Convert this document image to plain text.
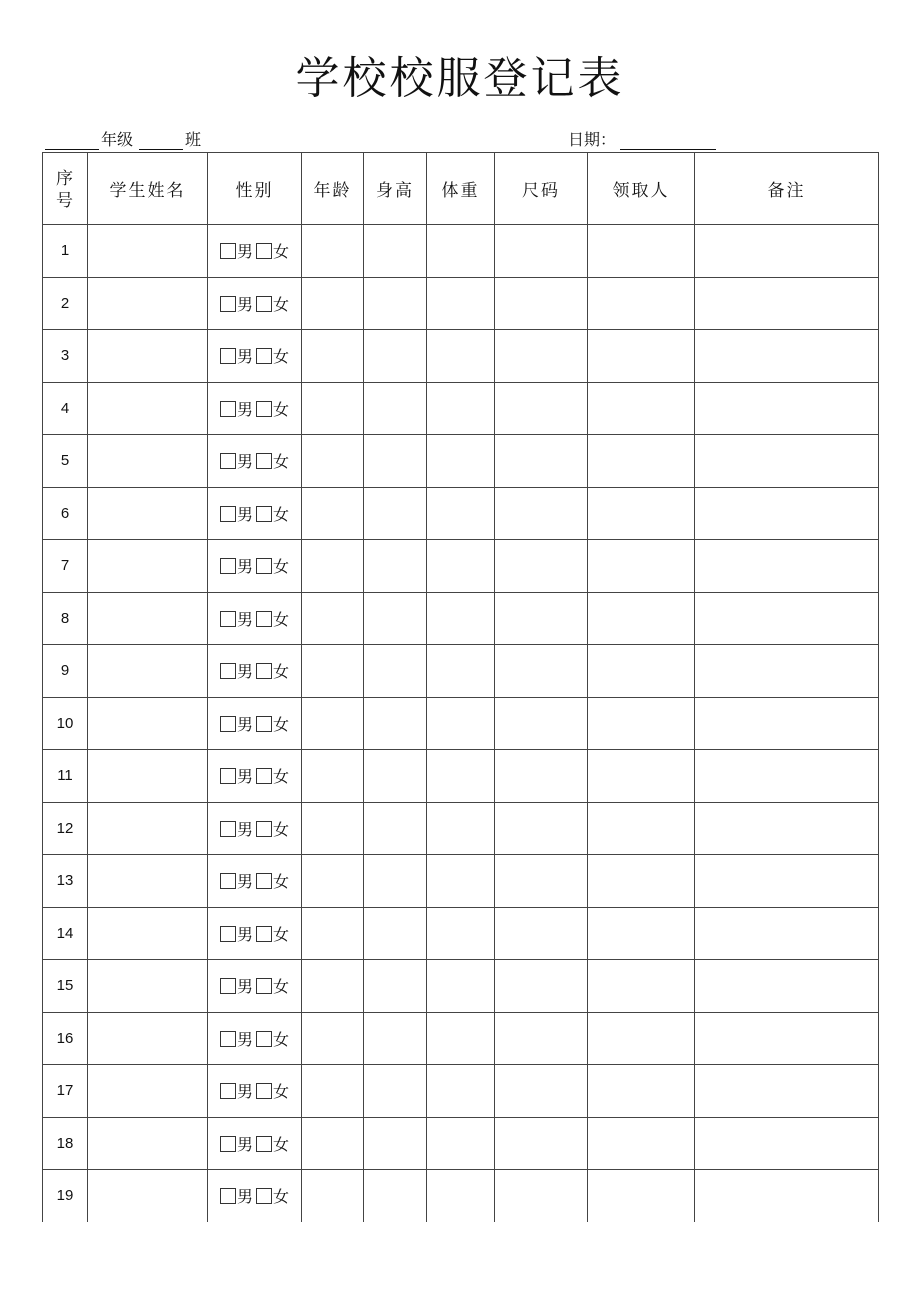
学校校服登记表
年级	班	日期：
序号	学生姓名	性别	年龄	身高	体重	尺码	领取人	备注
1		男 女						
2		男 女						
3		男 女						
4		男 女						
5		男 女						
6		男 女						
7		男 女						
8		男 女						
9		男 女						
10		男 女						
11		男 女						
12		男 女						
13		男 女						
14		男 女						
15		男 女						
16		男 女						
17		男 女						
18		男 女						
19		男 女						
